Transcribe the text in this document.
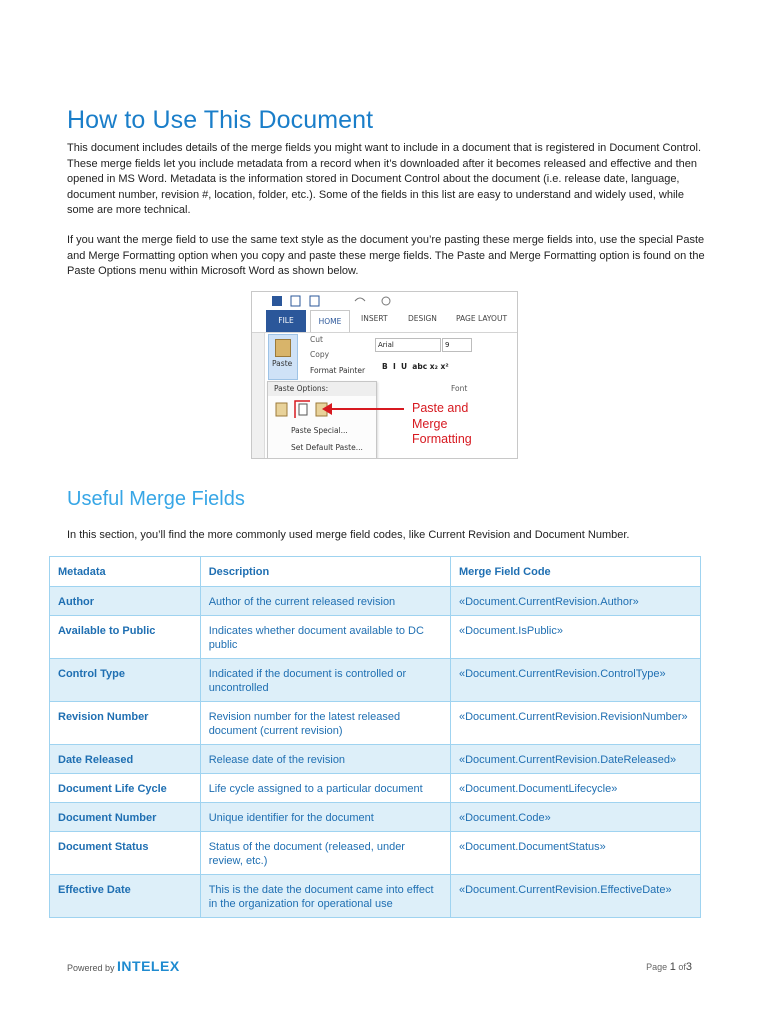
How to Use This Document

This document includes details of the merge fields you might want to include in a document that is registered in Document Control. These merge fields let you include metadata from a record when it’s downloaded after it becomes released and effective and then opened in MS Word. Metadata is the information stored in Document Control about the document (i.e. release date, language, document number, revision #, location, folder, etc.). Some of the fields in this list are easy to understand and widely used, while some are more technical.

If you want the merge field to use the same text style as the document you’re pasting these merge fields into, use the special Paste and Merge Formatting option when you copy and paste these merge fields. The Paste and Merge Formatting option is found on the Paste Options menu within Microsoft Word as shown below.

FILE	HOME	INSERT	DESIGN	PAGE LAYOUT
Paste
Cut
Copy
Format Painter
Arial	9
B  I  U  abc x₂ x²
Font
Paste Options:
Paste Special...
Set Default Paste...
Paste and
Merge
Formatting
Useful Merge Fields

In this section, you’ll find the more commonly used merge field codes, like Current Revision and Document Number.

Metadata	Description	Merge Field Code

Author	Author of the current released revision	«Document.CurrentRevision.Author»

Available to Public	Indicates whether document available to DC public	«Document.IsPublic»

Control Type	Indicated if the document is controlled or uncontrolled	«Document.CurrentRevision.ControlType»

Revision Number	Revision number for the latest released document (current revision)	«Document.CurrentRevision.RevisionNumber»

Date Released	Release date of the revision	«Document.CurrentRevision.DateReleased»

Document Life Cycle	Life cycle assigned to a particular document	«Document.DocumentLifecycle»

Document Number	Unique identifier for the document	«Document.Code»

Document Status	Status of the document (released, under review, etc.)	«Document.DocumentStatus»

Effective Date	This is the date the document came into effect in the organization for operational use	«Document.CurrentRevision.EffectiveDate»
Powered by INTELEX	Page 1 of3
